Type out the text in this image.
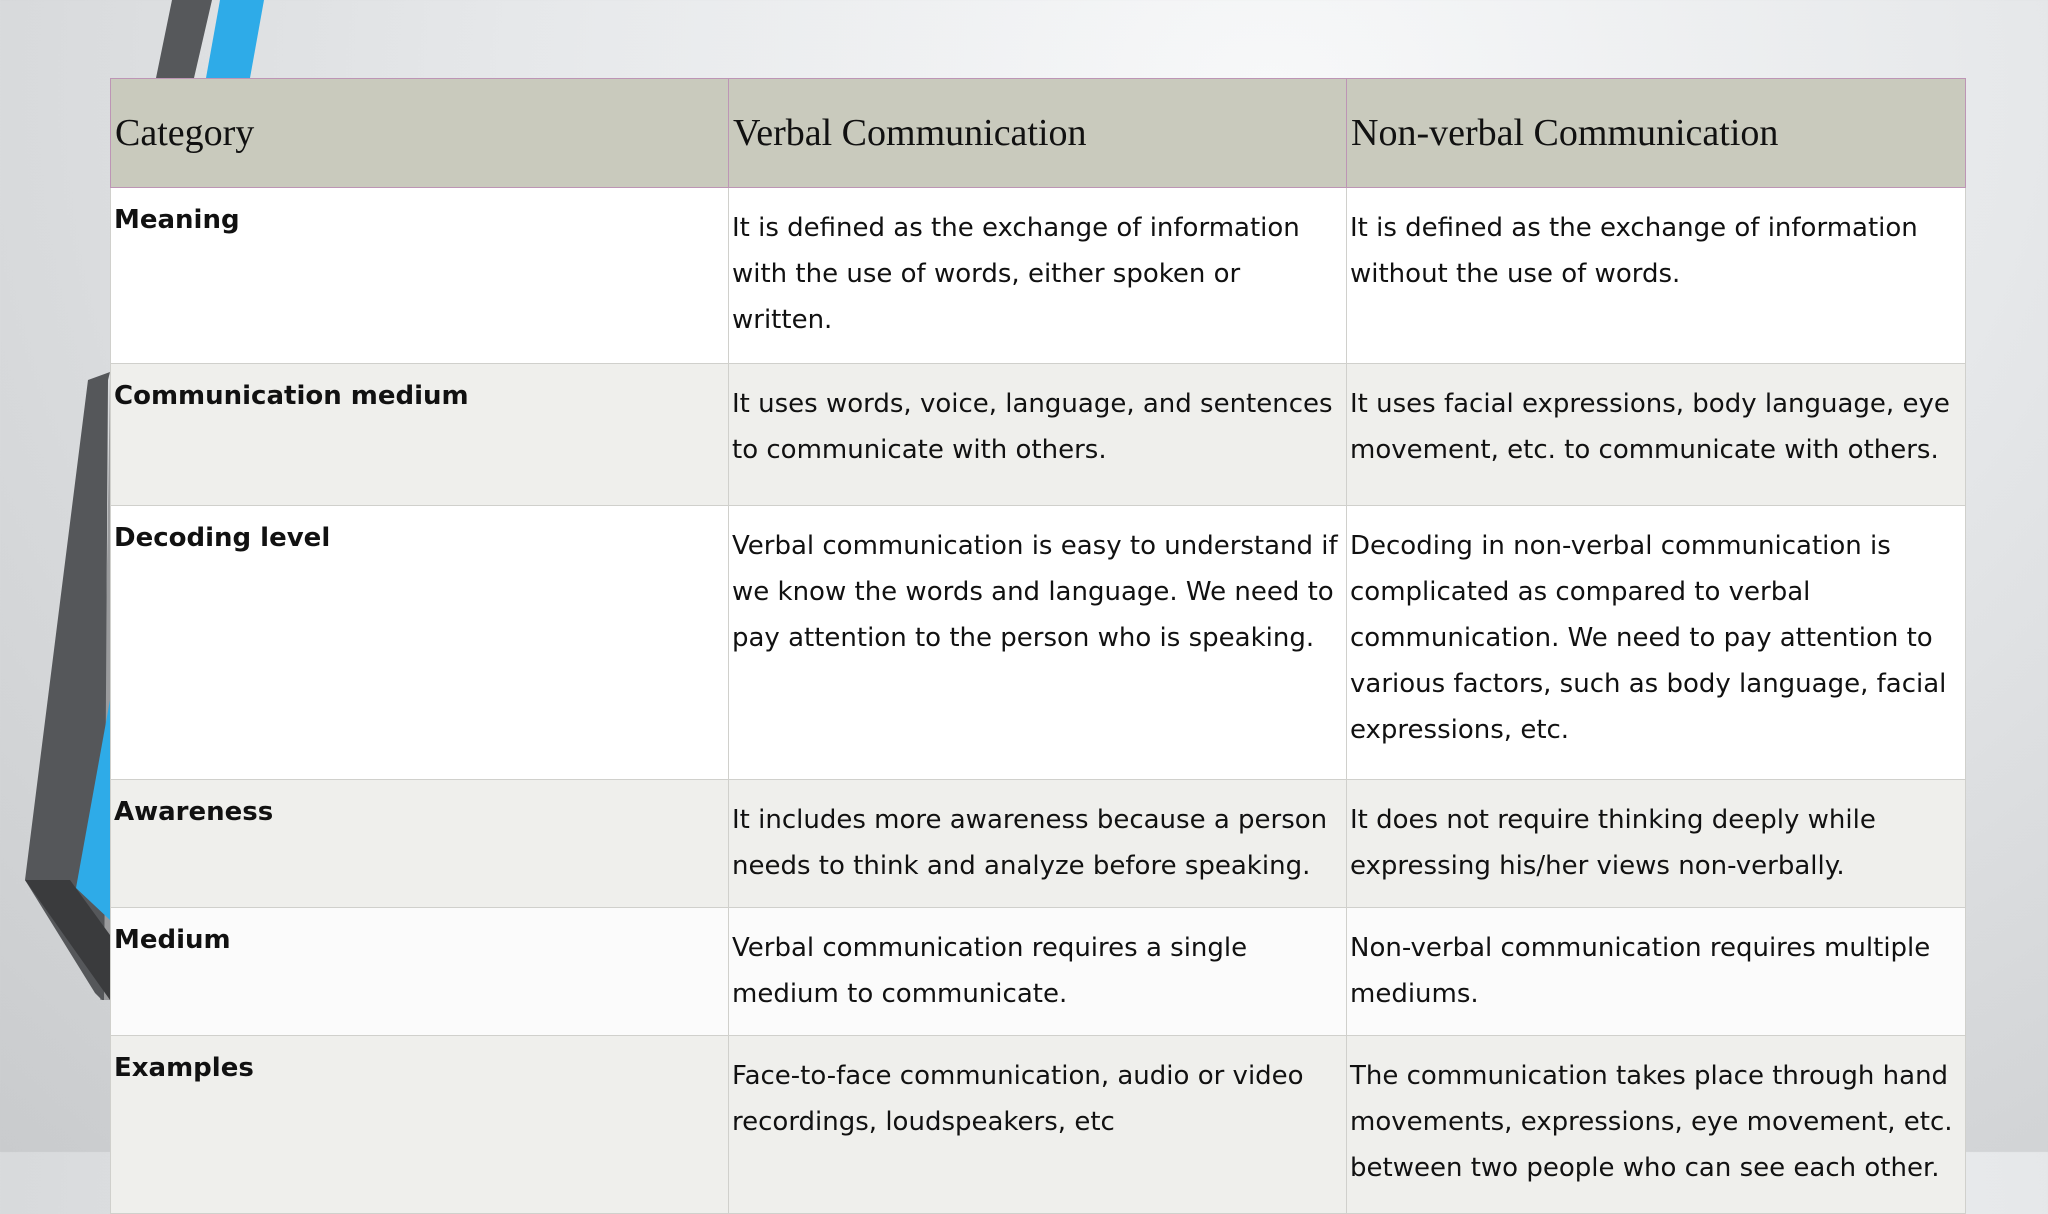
Category	Verbal Communication	Non-verbal Communication
Meaning	It is defined as the exchange of information with the use of words, either spoken or written.	It is defined as the exchange of information without the use of words.
Communication medium	It uses words, voice, language, and sentences to communicate with others.	It uses facial expressions, body language, eye movement, etc. to communicate with others.
Decoding level	Verbal communication is easy to understand if we know the words and language. We need to pay attention to the person who is speaking.	Decoding in non-verbal communication is complicated as compared to verbal communication. We need to pay attention to various factors, such as body language, facial expressions, etc.
Awareness	It includes more awareness because a person needs to think and analyze before speaking.	It does not require thinking deeply while expressing his/her views non-verbally.
Medium	Verbal communication requires a single medium to communicate.	Non-verbal communication requires multiple mediums.
Examples	Face-to-face communication, audio or video recordings, loudspeakers, etc	The communication takes place through hand movements, expressions, eye movement, etc. between two people who can see each other.
